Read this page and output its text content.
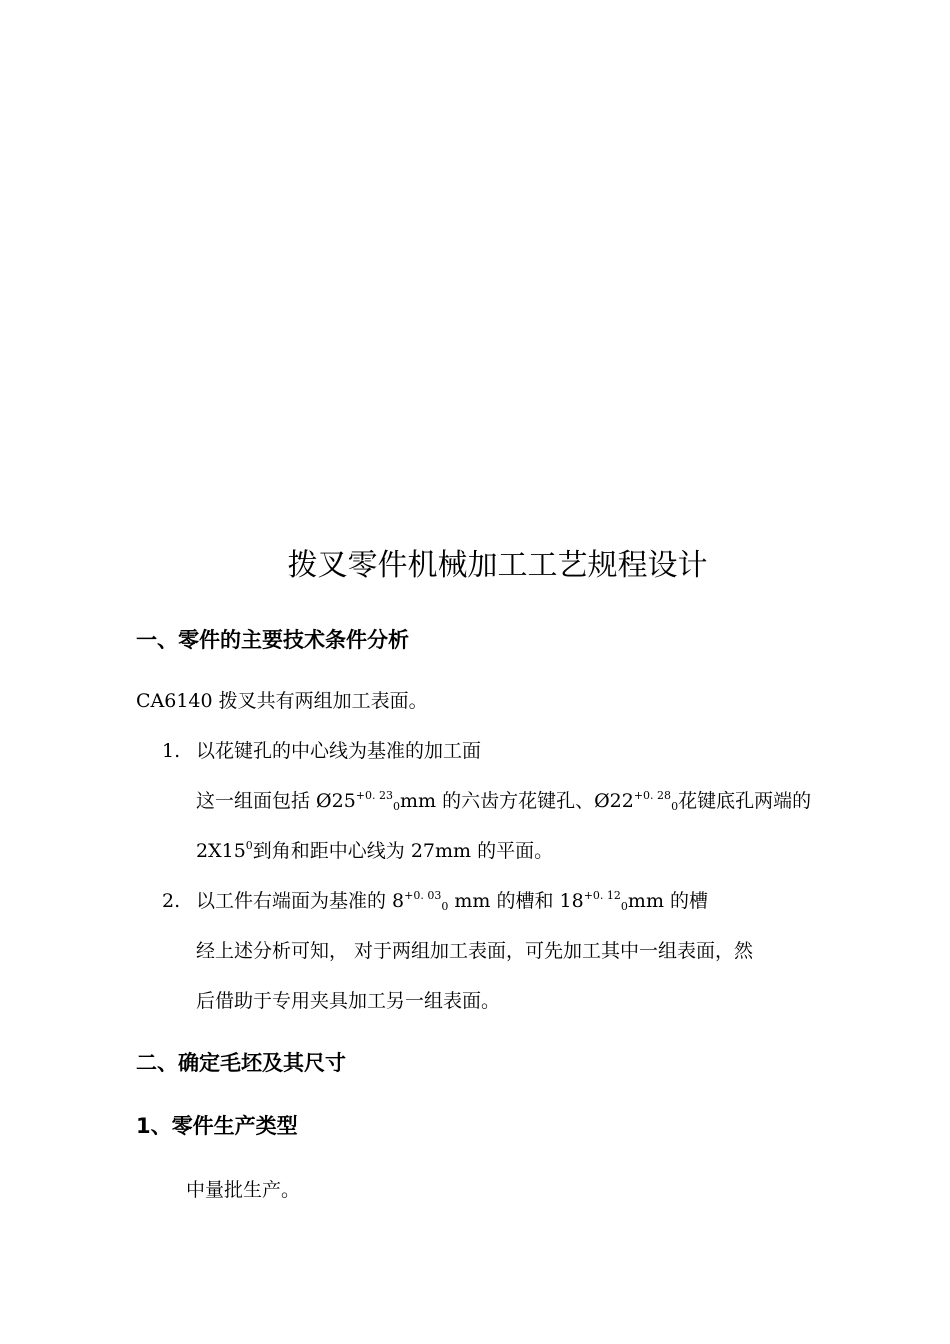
拨叉零件机械加工工艺规程设计
一、零件的主要技术条件分析
CA6140 拨叉共有两组加工表面。
1. 以花键孔的中心线为基准的加工面
这一组面包括 $Ø25^{+0. 23}_0mm$ 的六齿方花键孔、$Ø22^{+0. 28}_0$花键底孔两端的
$2X15^0$到角和距中心线为 27mm 的平面。
2. 以工件右端面为基准的 $8^{+0. 03}_0$ mm 的槽和 $18^{+0. 12}_0mm$ 的槽
经上述分析可知， 对于两组加工表面，可先加工其中一组表面，然
后借助于专用夹具加工另一组表面。
二、确定毛坯及其尺寸
1、零件生产类型
中量批生产。
